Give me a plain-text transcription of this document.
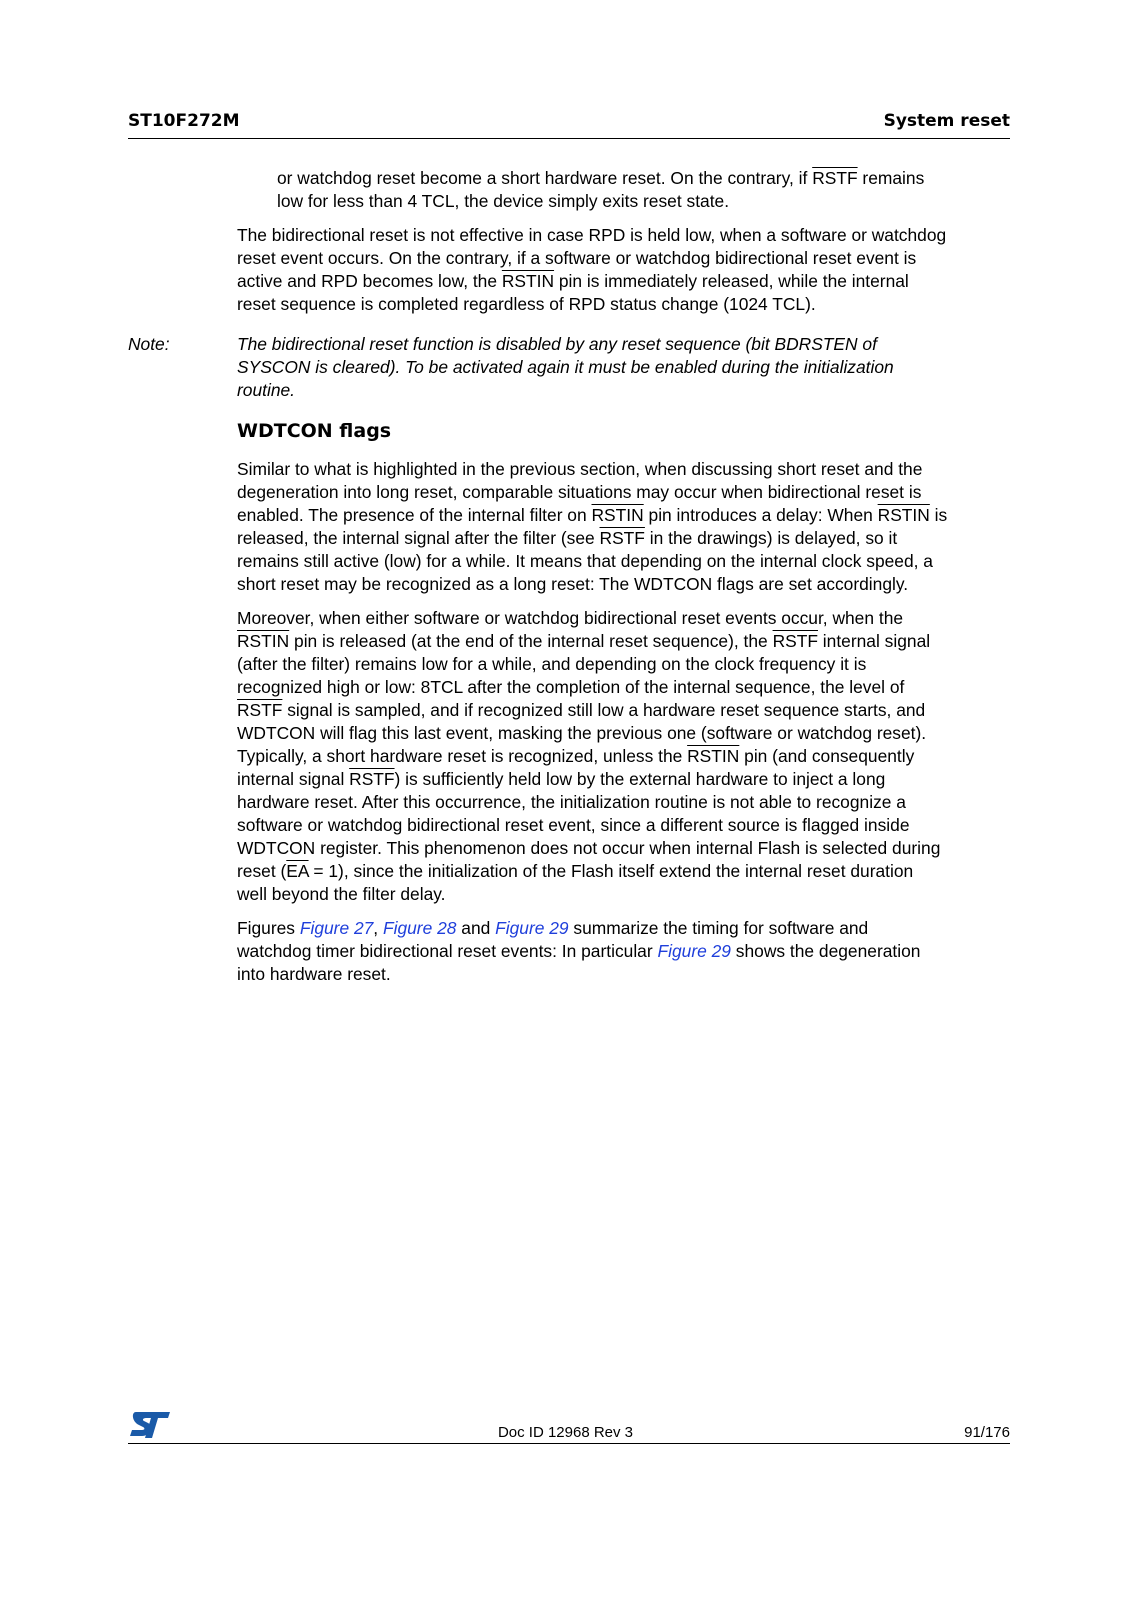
ST10F272M	System reset
or watchdog reset become a short hardware reset. On the contrary, if RSTF remains
low for less than 4 TCL, the device simply exits reset state.
The bidirectional reset is not effective in case RPD is held low, when a software or watchdog
reset event occurs. On the contrary, if a software or watchdog bidirectional reset event is
active and RPD becomes low, the RSTIN pin is immediately released, while the internal
reset sequence is completed regardless of RPD status change (1024 TCL).
Note:	The bidirectional reset function is disabled by any reset sequence (bit BDRSTEN of
SYSCON is cleared). To be activated again it must be enabled during the initialization
routine.
WDTCON flags
Similar to what is highlighted in the previous section, when discussing short reset and the
degeneration into long reset, comparable situations may occur when bidirectional reset is
enabled. The presence of the internal filter on RSTIN pin introduces a delay: When RSTIN is
released, the internal signal after the filter (see RSTF in the drawings) is delayed, so it
remains still active (low) for a while. It means that depending on the internal clock speed, a
short reset may be recognized as a long reset: The WDTCON flags are set accordingly.
Moreover, when either software or watchdog bidirectional reset events occur, when the
RSTIN pin is released (at the end of the internal reset sequence), the RSTF internal signal
(after the filter) remains low for a while, and depending on the clock frequency it is
recognized high or low: 8TCL after the completion of the internal sequence, the level of
RSTF signal is sampled, and if recognized still low a hardware reset sequence starts, and
WDTCON will flag this last event, masking the previous one (software or watchdog reset).
Typically, a short hardware reset is recognized, unless the RSTIN pin (and consequently
internal signal RSTF) is sufficiently held low by the external hardware to inject a long
hardware reset. After this occurrence, the initialization routine is not able to recognize a
software or watchdog bidirectional reset event, since a different source is flagged inside
WDTCON register. This phenomenon does not occur when internal Flash is selected during
reset $(\overline{EA} = 1)$, since the initialization of the Flash itself extend the internal reset duration
well beyond the filter delay.
Figures Figure 27, Figure 28 and Figure 29 summarize the timing for software and
watchdog timer bidirectional reset events: In particular Figure 29 shows the degeneration
into hardware reset.
Doc ID 12968 Rev 3	91/176
